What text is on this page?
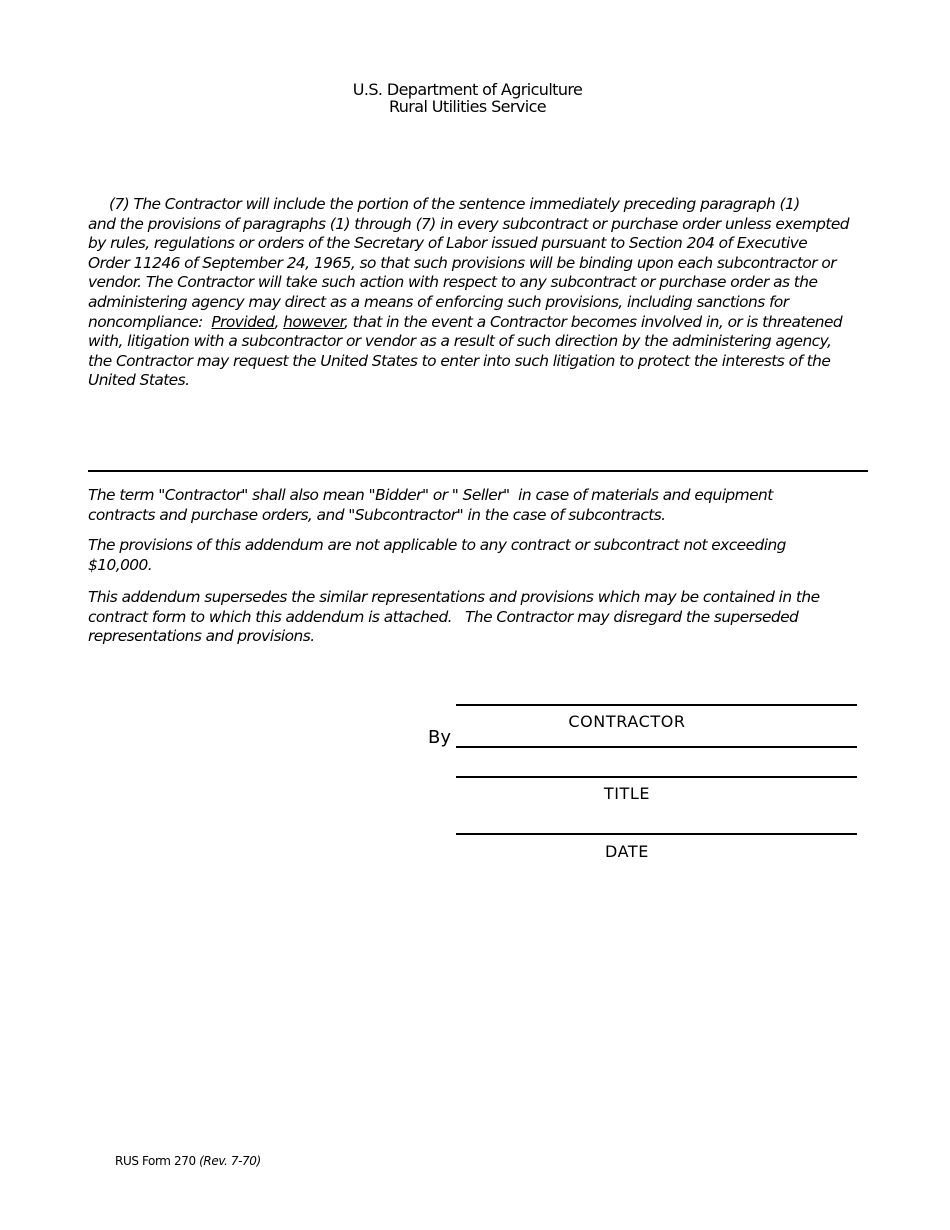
U.S. Department of Agriculture
Rural Utilities Service
(7) The Contractor will include the portion of the sentence immediately preceding paragraph (1)
and the provisions of paragraphs (1) through (7) in every subcontract or purchase order unless exempted
by rules, regulations or orders of the Secretary of Labor issued pursuant to Section 204 of Executive
Order 11246 of September 24, 1965, so that such provisions will be binding upon each subcontractor or
vendor. The Contractor will take such action with respect to any subcontract or purchase order as the
administering agency may direct as a means of enforcing such provisions, including sanctions for
noncompliance:  Provided, however, that in the event a Contractor becomes involved in, or is threatened
with, litigation with a subcontractor or vendor as a result of such direction by the administering agency,
the Contractor may request the United States to enter into such litigation to protect the interests of the
United States.
The term "Contractor" shall also mean "Bidder" or " Seller"  in case of materials and equipment
contracts and purchase orders, and "Subcontractor" in the case of subcontracts.
The provisions of this addendum are not applicable to any contract or subcontract not exceeding
$10,000.
This addendum supersedes the similar representations and provisions which may be contained in the
contract form to which this addendum is attached.   The Contractor may disregard the superseded
representations and provisions.
CONTRACTOR
By
TITLE
DATE
RUS Form 270 (Rev. 7-70)
